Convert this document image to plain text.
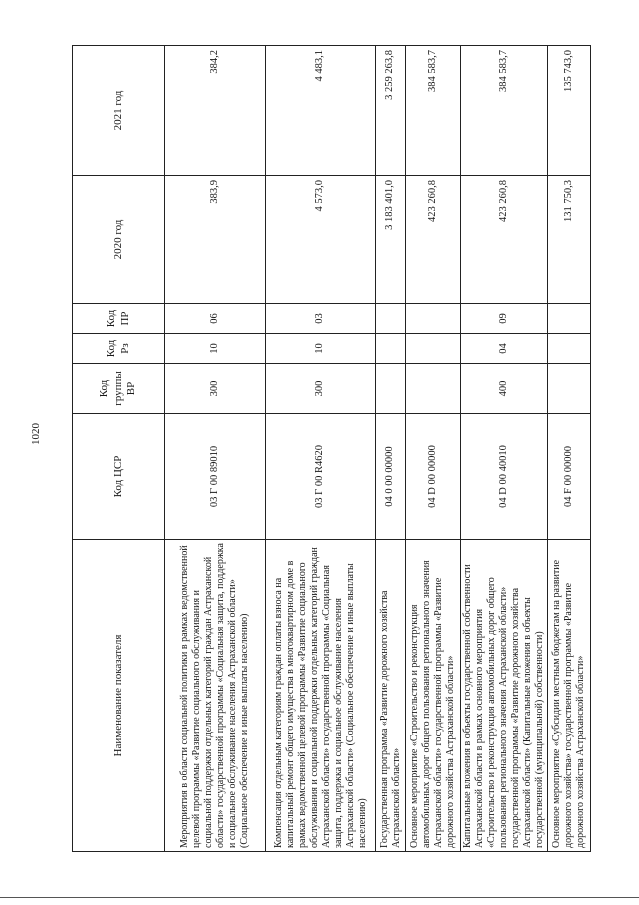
1020
Наименование показателя	Код ЦСР	Код группы ВР	Код Рз	Код ПР	2020 год	2021 год
Мероприятия в области социальной политики в рамках ведомственной целевой программы «Развитие социального обслуживания и социальной поддержки отдельных категорий граждан Астраханской области» государственной программы «Социальная защита, поддержка и социальное обслуживание населения Астраханской области» (Социальное обеспечение и иные выплаты населению)	03 Г 00 89010	300	10	06	383,9	384,2
Компенсация отдельным категориям граждан оплаты взноса на капитальный ремонт общего имущества в многоквартирном доме в рамках ведомственной целевой программы «Развитие социального обслуживания и социальной поддержки отдельных категорий граждан Астраханской области» государственной программы «Социальная защита, поддержка и социальное обслуживание населения Астраханской области» (Социальное обеспечение и иные выплаты населению)	03 Г 00 R4620	300	10	03	4 573,0	4 483,1
Государственная программа «Развитие дорожного хозяйства Астраханской области»	04 0 00 00000				3 183 401,0	3 259 263,8
Основное мероприятие «Строительство и реконструкция автомобильных дорог общего пользования регионального значения Астраханской области» государственной программы «Развитие дорожного хозяйства Астраханской области»	04 D 00 00000				423 260,8	384 583,7
Капитальные вложения в объекты государственной собственности Астраханской области в рамках основного мероприятия «Строительство и реконструкция автомобильных дорог общего пользования регионального значения Астраханской области» государственной программы «Развитие дорожного хозяйства Астраханской области» (Капитальные вложения в объекты государственной (муниципальной) собственности)	04 D 00 40010	400	04	09	423 260,8	384 583,7
Основное мероприятие «Субсидии местным бюджетам на развитие дорожного хозяйства» государственной программы «Развитие дорожного хозяйства Астраханской области»	04 F 00 00000				131 750,3	135 743,0
